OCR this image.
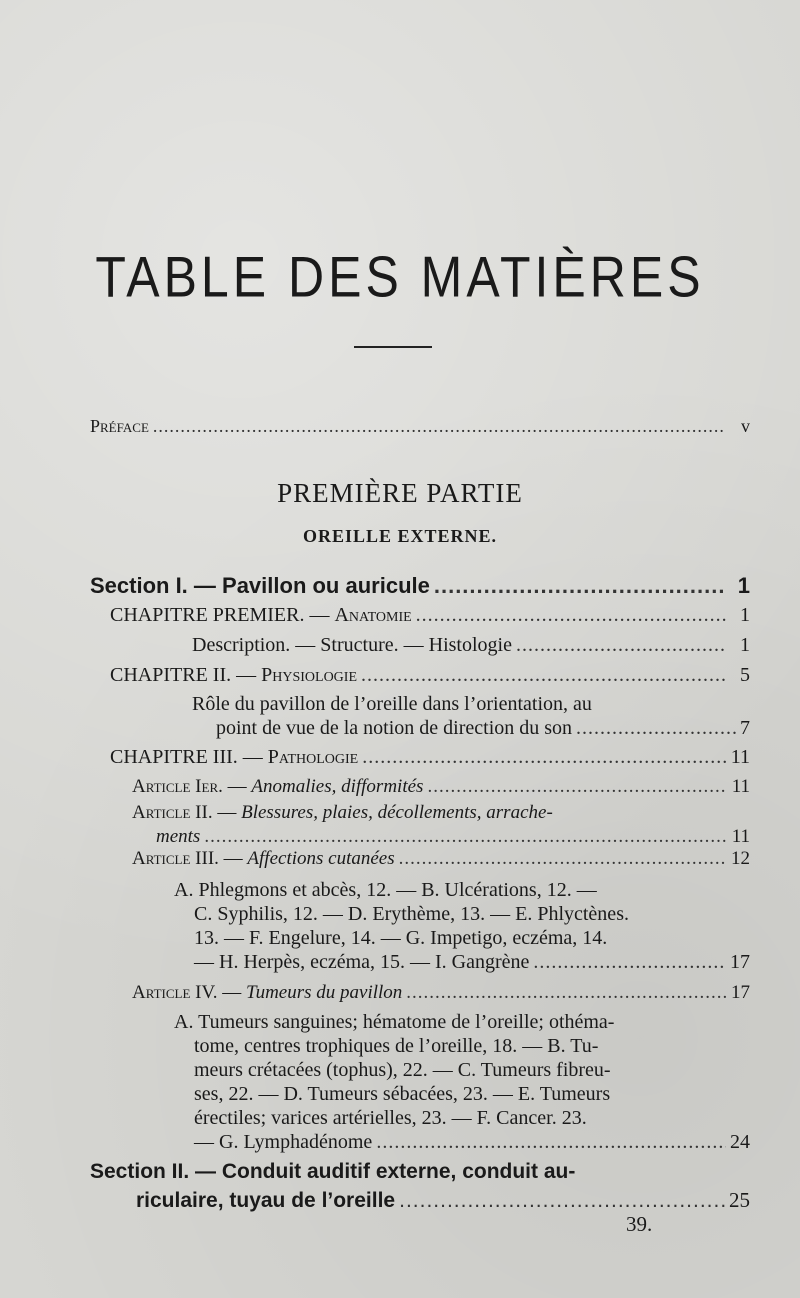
TABLE DES MATIÈRES
Préface .....	v
PREMIÈRE PARTIE
OREILLE EXTERNE.
Section I. — Pavillon ou auricule .....	1
CHAPITRE PREMIER. — Anatomie .....	1
Description. — Structure. — Histologie .....	1
CHAPITRE II. — Physiologie .....	5
Rôle du pavillon de l’oreille dans l’orientation, au
point de vue de la notion de direction du son .....	7
CHAPITRE III. — Pathologie .....	11
Article Ier. — Anomalies, difformités .....	11
Article II. — Blessures, plaies, décollements, arrache-
ments .....	11
Article III. — Affections cutanées .....	12
A. Phlegmons et abcès, 12. — B. Ulcérations, 12. —
C. Syphilis, 12. — D. Erythème, 13. — E. Phlyctènes.
13. — F. Engelure, 14. — G. Impetigo, eczéma, 14.
— H. Herpès, eczéma, 15. — I. Gangrène .....	17
Article IV. — Tumeurs du pavillon .....	17
A. Tumeurs sanguines; hématome de l’oreille; othéma-
tome, centres trophiques de l’oreille, 18. — B. Tu-
meurs crétacées (tophus), 22. — C. Tumeurs fibreu-
ses, 22. — D. Tumeurs sébacées, 23. — E. Tumeurs
érectiles; varices artérielles, 23. — F. Cancer. 23.
— G. Lymphadénome .....	24
Section II. — Conduit auditif externe, conduit au-
riculaire, tuyau de l’oreille .....	25
39.
